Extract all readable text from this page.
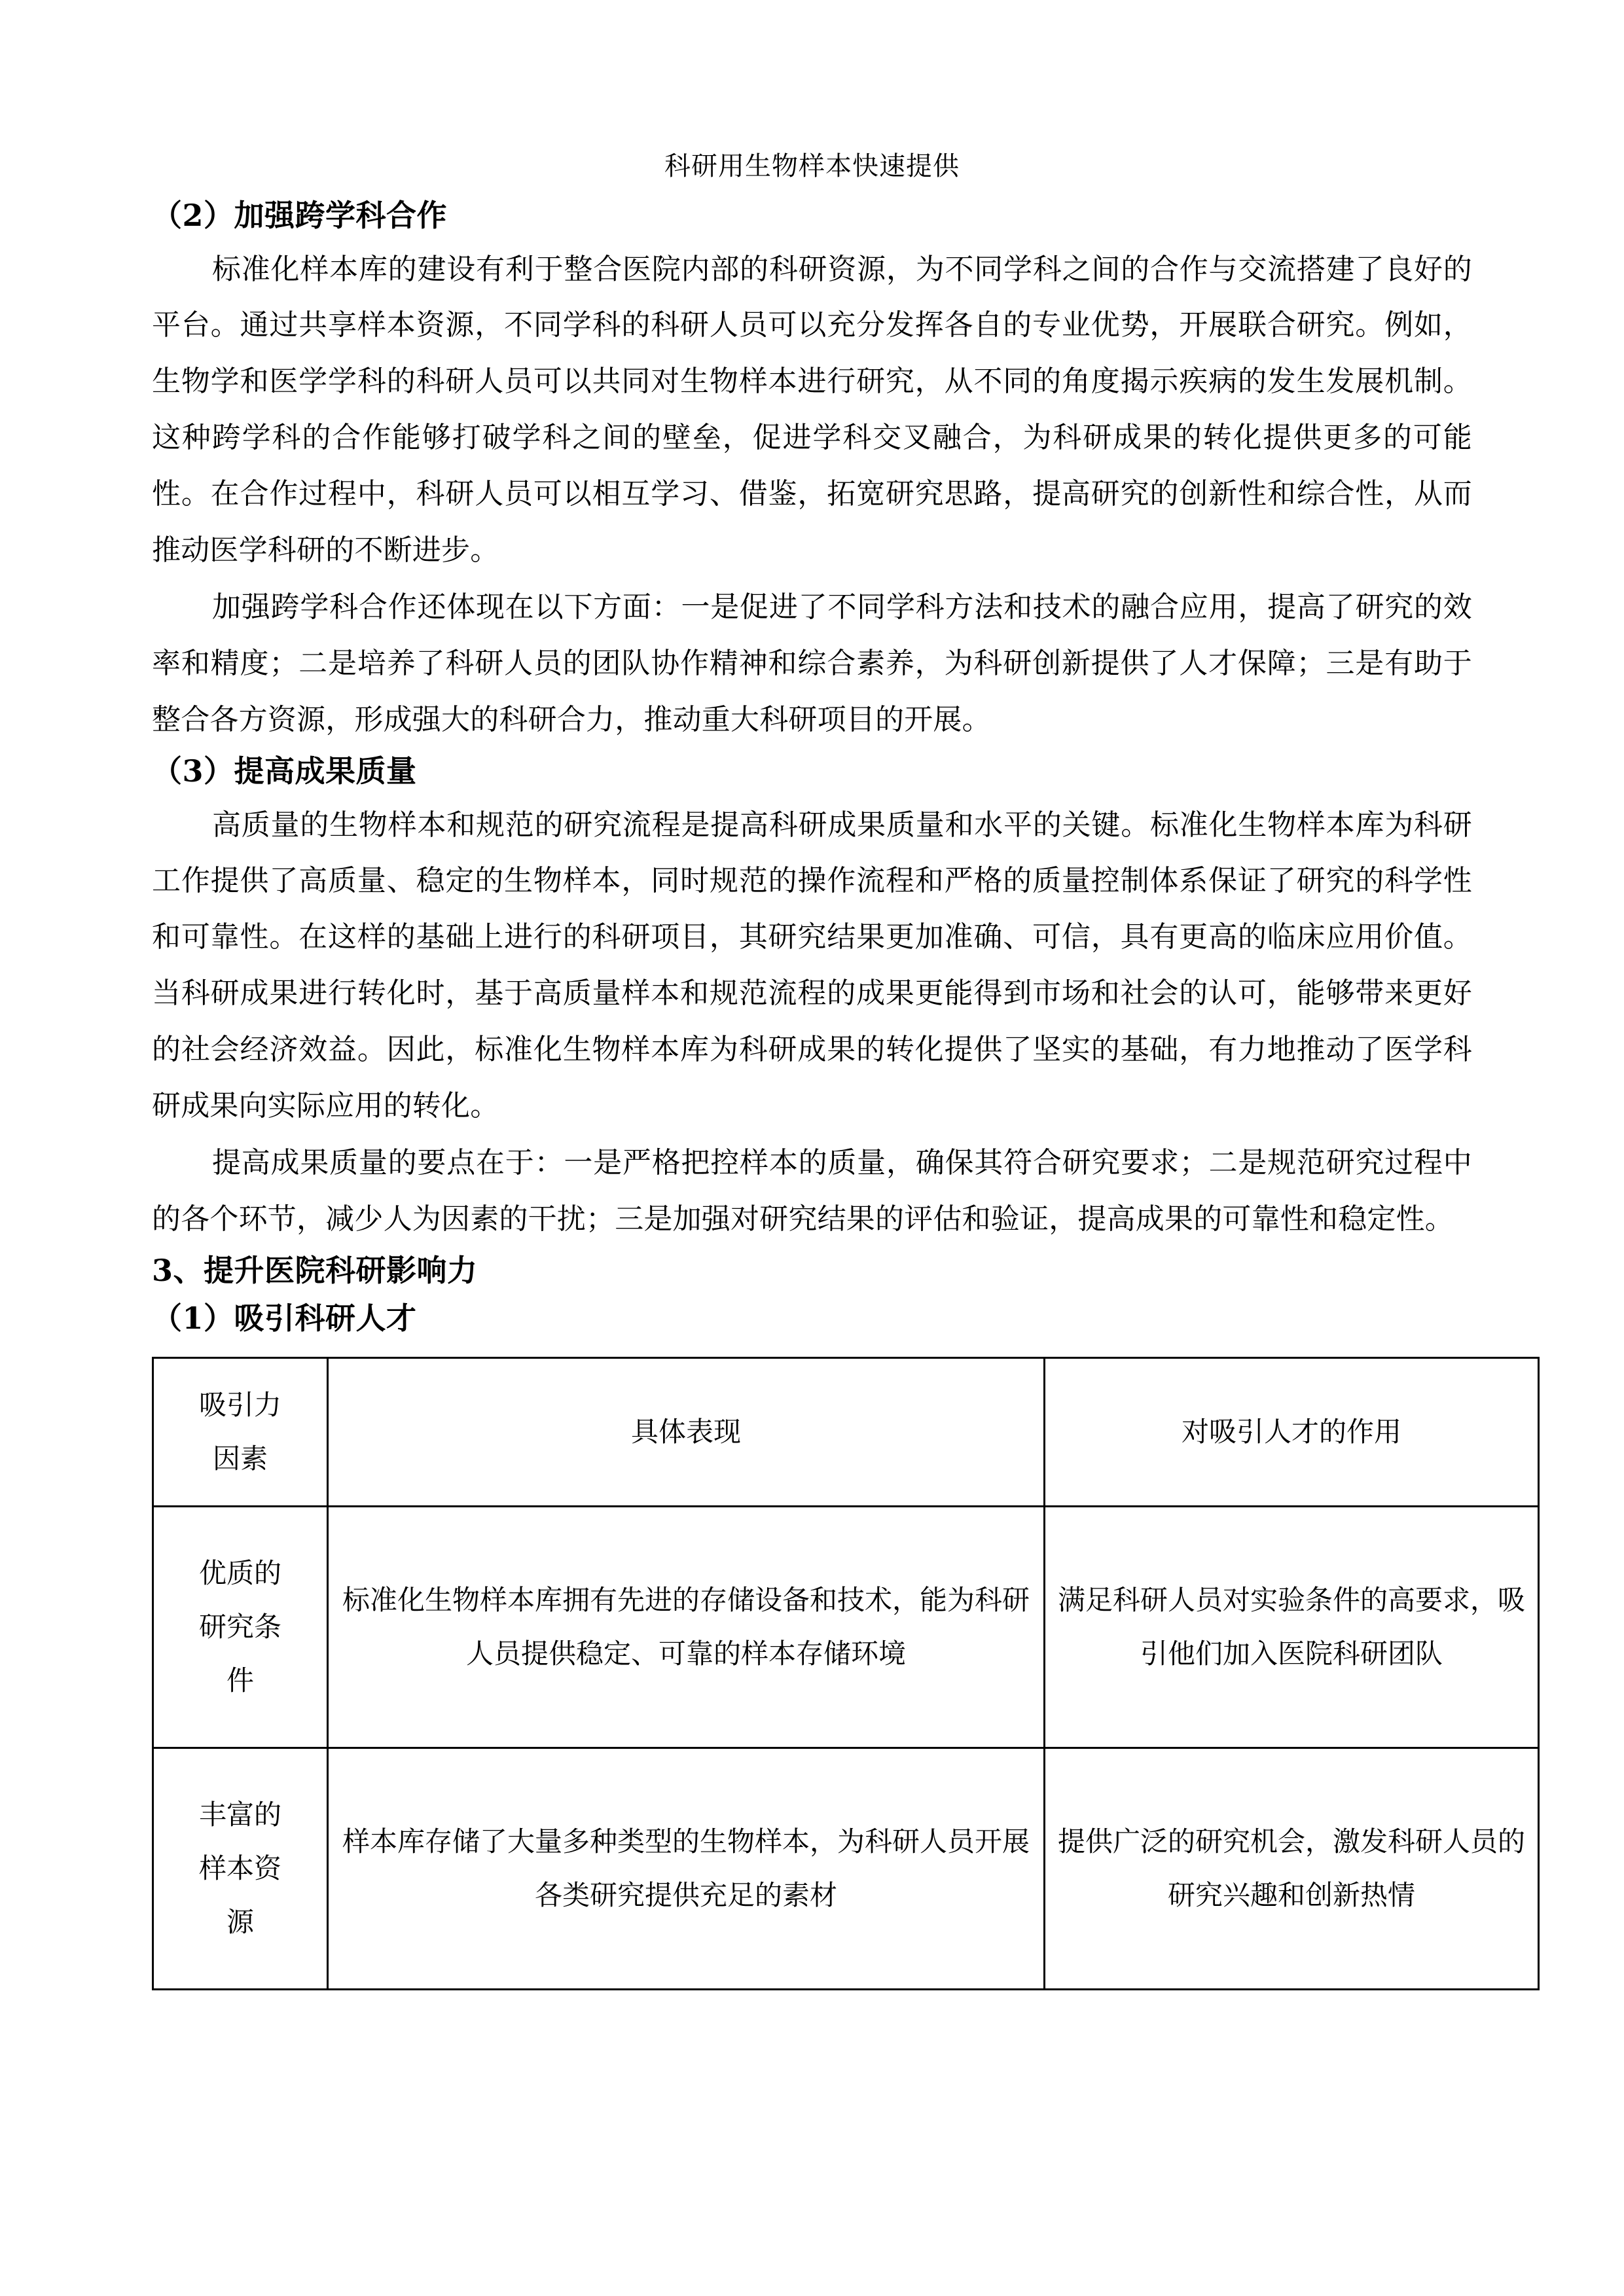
科研用生物样本快速提供
（2）加强跨学科合作
标准化样本库的建设有利于整合医院内部的科研资源，为不同学科之间的合作与交流搭建了良好的平台。通过共享样本资源，不同学科的科研人员可以充分发挥各自的专业优势，开展联合研究。例如，生物学和医学学科的科研人员可以共同对生物样本进行研究，从不同的角度揭示疾病的发生发展机制。这种跨学科的合作能够打破学科之间的壁垒，促进学科交叉融合，为科研成果的转化提供更多的可能性。在合作过程中，科研人员可以相互学习、借鉴，拓宽研究思路，提高研究的创新性和综合性，从而推动医学科研的不断进步。
加强跨学科合作还体现在以下方面：一是促进了不同学科方法和技术的融合应用，提高了研究的效率和精度；二是培养了科研人员的团队协作精神和综合素养，为科研创新提供了人才保障；三是有助于整合各方资源，形成强大的科研合力，推动重大科研项目的开展。
（3）提高成果质量
高质量的生物样本和规范的研究流程是提高科研成果质量和水平的关键。标准化生物样本库为科研工作提供了高质量、稳定的生物样本，同时规范的操作流程和严格的质量控制体系保证了研究的科学性和可靠性。在这样的基础上进行的科研项目，其研究结果更加准确、可信，具有更高的临床应用价值。当科研成果进行转化时，基于高质量样本和规范流程的成果更能得到市场和社会的认可，能够带来更好的社会经济效益。因此，标准化生物样本库为科研成果的转化提供了坚实的基础，有力地推动了医学科研成果向实际应用的转化。
提高成果质量的要点在于：一是严格把控样本的质量，确保其符合研究要求；二是规范研究过程中的各个环节，减少人为因素的干扰；三是加强对研究结果的评估和验证，提高成果的可靠性和稳定性。
3、提升医院科研影响力
（1）吸引科研人才
吸引力
因素	具体表现	对吸引人才的作用

优质的
研究条
件	标准化生物样本库拥有先进的存储设备和技术，能为科研人员提供稳定、可靠的样本存储环境	满足科研人员对实验条件的高要求，吸引他们加入医院科研团队

丰富的
样本资
源	样本库存储了大量多种类型的生物样本，为科研人员开展各类研究提供充足的素材	提供广泛的研究机会，激发科研人员的研究兴趣和创新热情
